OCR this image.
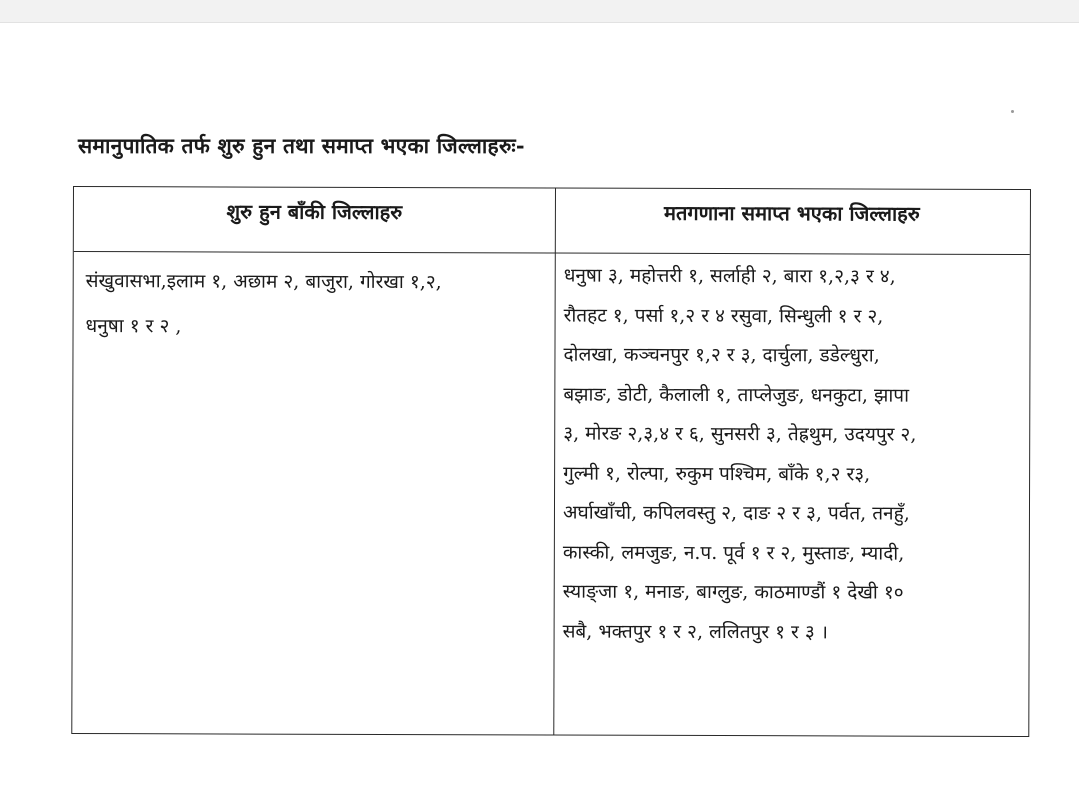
समानुपातिक तर्फ शुरु हुन तथा समाप्त भएका जिल्लाहरुः-
शुरु हुन बाँकी जिल्लाहरु	मतगणाना समाप्त भएका जिल्लाहरु
संखुवासभा,इलाम १, अछाम २, बाजुरा, गोरखा १,२,
धनुषा १ र २ ,
धनुषा ३, महोत्तरी १, सर्लाही २, बारा १,२,३ र ४,
रौतहट १, पर्सा १,२ र ४ रसुवा, सिन्धुली १ र २,
दोलखा, कञ्चनपुर १,२ र ३, दार्चुला, डडेल्धुरा,
बझाङ, डोटी, कैलाली १, ताप्लेजुङ, धनकुटा, झापा
३, मोरङ २,३,४ र ६, सुनसरी ३, तेह्रथुम, उदयपुर २,
गुल्मी १, रोल्पा, रुकुम पश्चिम, बाँके १,२ र३,
अर्घाखाँची, कपिलवस्तु २, दाङ २ र ३, पर्वत, तनहुँ,
कास्की, लमजुङ, न.प. पूर्व १ र २, मुस्ताङ, म्यादी,
स्याङ्जा १, मनाङ, बाग्लुङ, काठमाण्डौं १ देखी १०
सबै, भक्तपुर १ र २, ललितपुर १ र ३ ।
